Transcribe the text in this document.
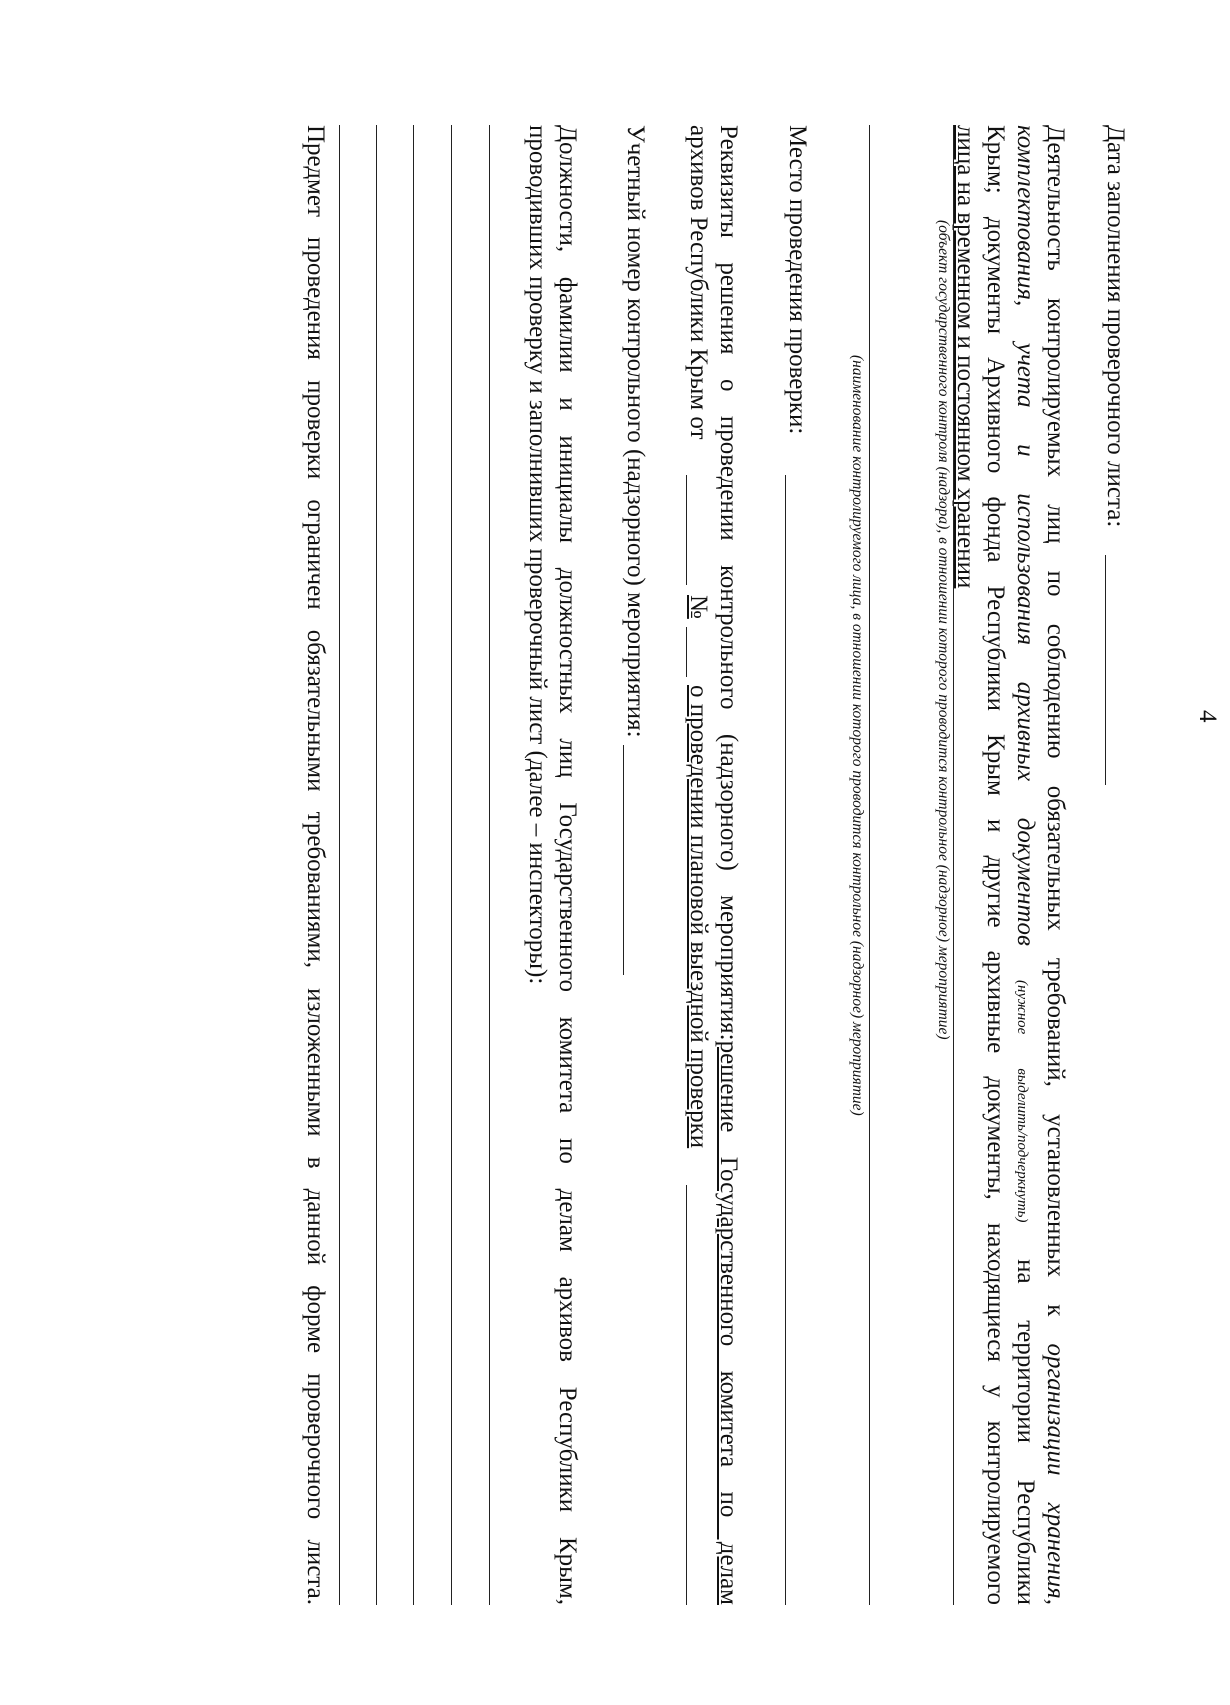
4
Дата заполнения проверочного листа:
Деятельность контролируемых лиц по соблюдению обязательных требований, установленных к организации хранения,
комплектования, учета и использования архивных документов (нужное выделить/подчеркнуть) на территории Республики
Крым; документы Архивного фонда Республики Крым и другие архивные документы, находящиеся у контролируемого
лица на временном и постоянном хранении
(объект государственного контроля (надзора), в отношении которого проводится контрольное (надзорное) мероприятие)
(наименование контролируемого лица, в отношении которого проводится контрольное (надзорное) мероприятие)
Место проведения проверки:
Реквизиты решения о проведении контрольного (надзорного) мероприятия:решение Государственного комитета по делам
архивов Республики Крым от
№
о проведении плановой выездной проверки
Учетный номер контрольного (надзорного) мероприятия:
Должности, фамилии и инициалы должностных лиц Государственного комитета по делам архивов Республики Крым,
проводивших проверку и заполнивших проверочный лист (далее – инспекторы):
Предмет проведения проверки ограничен обязательными требованиями, изложенными в данной форме проверочного листа.
